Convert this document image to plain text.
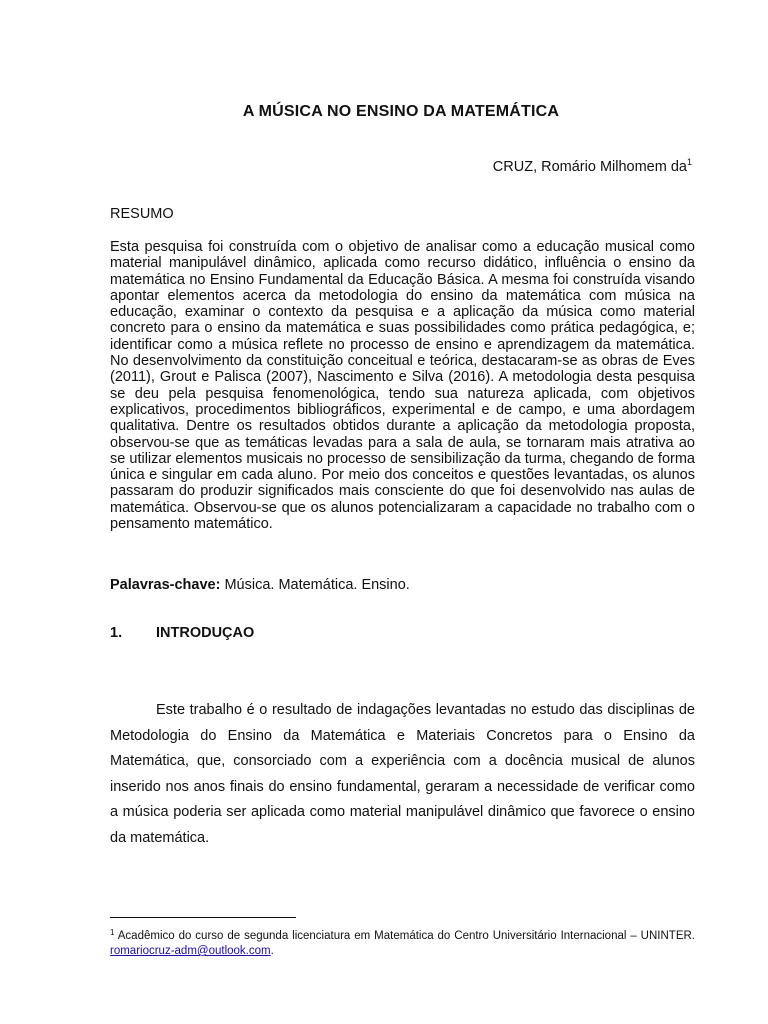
A MÚSICA NO ENSINO DA MATEMÁTICA
CRUZ, Romário Milhomem $da^1$
RESUMO

Esta pesquisa foi construída com o objetivo de analisar como a educação musical como material manipulável dinâmico, aplicada como recurso didático, influência o ensino da matemática no Ensino Fundamental da Educação Básica. A mesma foi construída visando apontar elementos acerca da metodologia do ensino da matemática com música na educação, examinar o contexto da pesquisa e a aplicação da música como material concreto para o ensino da matemática e suas possibilidades como prática pedagógica, e; identificar como a música reflete no processo de ensino e aprendizagem da matemática. No desenvolvimento da constituição conceitual e teórica, destacaram-se as obras de Eves (2011), Grout e Palisca (2007), Nascimento e Silva (2016). A metodologia desta pesquisa se deu pela pesquisa fenomenológica, tendo sua natureza aplicada, com objetivos explicativos, procedimentos bibliográficos, experimental e de campo, e uma abordagem qualitativa. Dentre os resultados obtidos durante a aplicação da metodologia proposta, observou-se que as temáticas levadas para a sala de aula, se tornaram mais atrativa ao se utilizar elementos musicais no processo de sensibilização da turma, chegando de forma única e singular em cada aluno. Por meio dos conceitos e questões levantadas, os alunos passaram do produzir significados mais consciente do que foi desenvolvido nas aulas de matemática. Observou-se que os alunos potencializaram a capacidade no trabalho com o pensamento matemático.

Palavras-chave: Música. Matemática. Ensino.
1. INTRODUÇAO

Este trabalho é o resultado de indagações levantadas no estudo das disciplinas de Metodologia do Ensino da Matemática e Materiais Concretos para o Ensino da Matemática, que, consorciado com a experiência com a docência musical de alunos inserido nos anos finais do ensino fundamental, geraram a necessidade de verificar como a música poderia ser aplicada como material manipulável dinâmico que favorece o ensino da matemática.

$^1$ Acadêmico do curso de segunda licenciatura em Matemática do Centro Universitário Internacional – UNINTER. romariocruz-adm@outlook.com.
